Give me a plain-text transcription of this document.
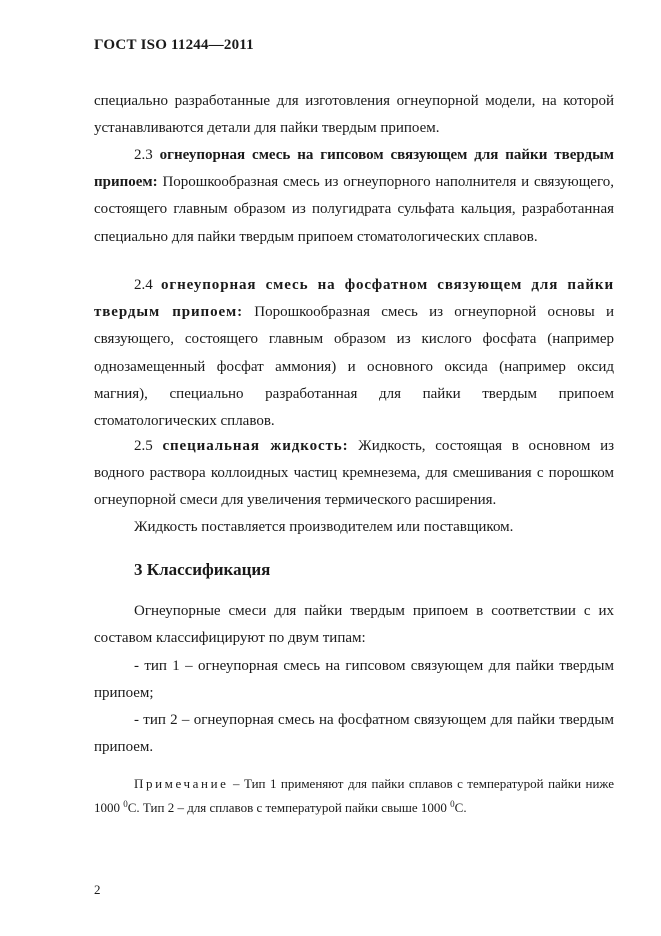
ГОСТ ISO 11244—2011

специально разработанные для изготовления огнеупорной модели, на которой устанавливаются детали для пайки твердым припоем.

2.3 огнеупорная смесь на гипсовом связующем для пайки твердым припоем: Порошкообразная смесь из огнеупорного наполнителя и связующего, состоящего главным образом из полугидрата сульфата кальция, разработанная специально для пайки твердым припоем стоматологических сплавов.

2.4 огнеупорная смесь на фосфатном связующем для пайки твердым припоем: Порошкообразная смесь из огнеупорной основы и связующего, состоящего главным образом из кислого фосфата (например однозамещенный фосфат аммония) и основного оксида (например оксид магния), специально разработанная для пайки твердым припоем стоматологических сплавов.

2.5 специальная жидкость: Жидкость, состоящая в основном из водного раствора коллоидных частиц кремнезема, для смешивания с порошком огнеупорной смеси для увеличения термического расширения.

Жидкость поставляется производителем или поставщиком.

3 Классификация

Огнеупорные смеси для пайки твердым припоем в соответствии с их составом классифицируют по двум типам:

- тип 1 – огнеупорная смесь на гипсовом связующем для пайки твердым припоем;

- тип 2 – огнеупорная смесь на фосфатном связующем для пайки твердым припоем.

Примечание – Тип 1 применяют для пайки сплавов с температурой пайки ниже 1000 $^0$С. Тип 2 – для сплавов с температурой пайки свыше 1000 $^0$С.

2
